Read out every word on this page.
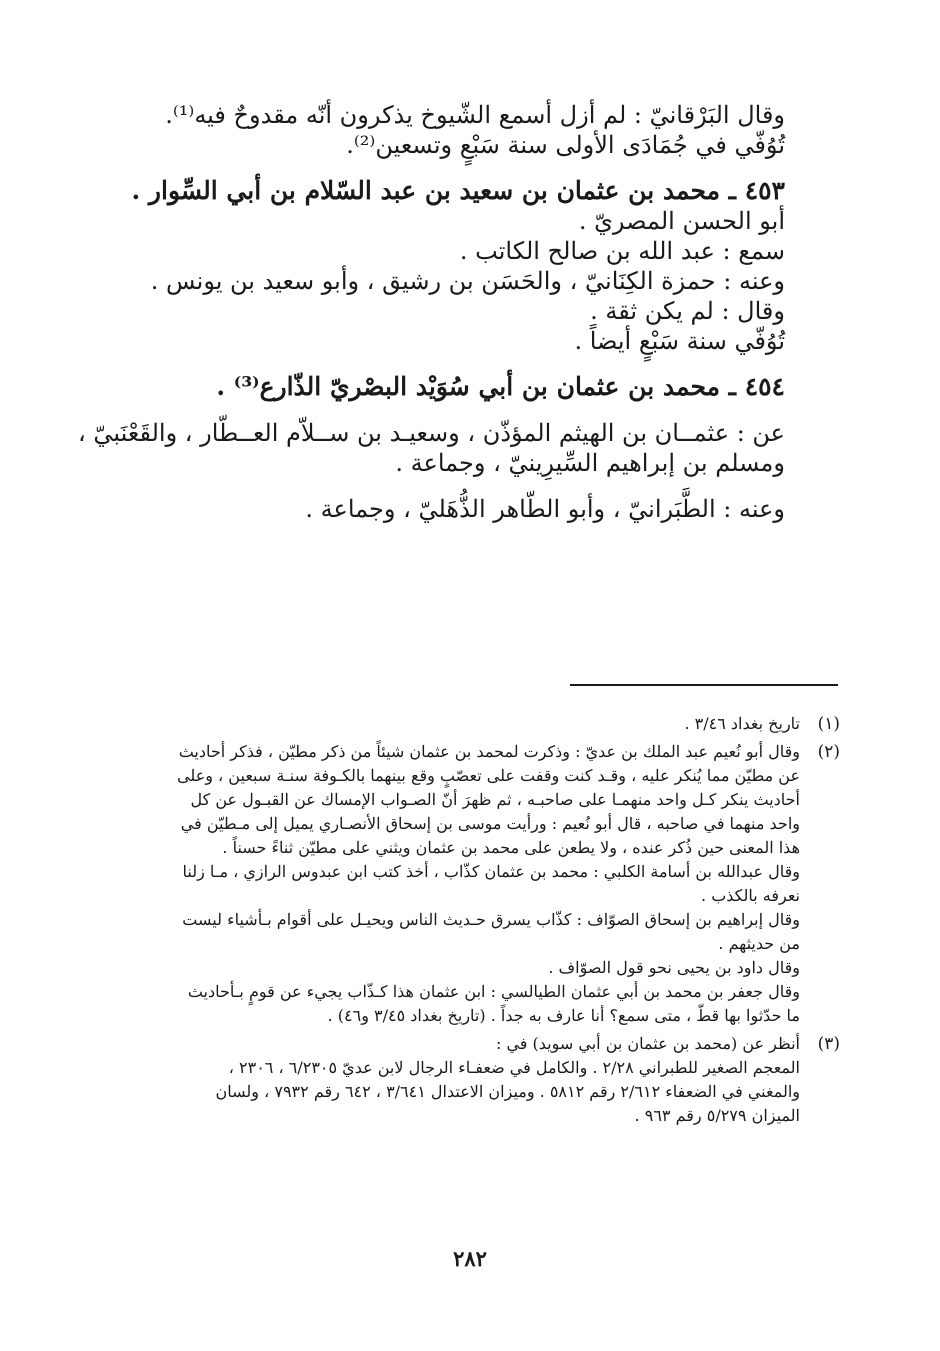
وقال البَرْقانيّ : لم أزل أسمع الشّيوخ يذكرون أنّه مقدوحٌ فيه⁽¹⁾.

تُوُفّي في جُمَادَى الأولى سنة سَبْعٍ وتسعين⁽²⁾.

٤٥٣ ـ محمد بن عثمان بن سعيد بن عبد السّلام بن أبي السِّوار .

أبو الحسن المصريّ .

سمع : عبد الله بن صالح الكاتب .

وعنه : حمزة الكِنَانيّ ، والحَسَن بن رشيق ، وأبو سعيد بن يونس .

وقال : لم يكن ثقة .

تُوُفّي سنة سَبْعٍ أيضاً .

٤٥٤ ـ محمد بن عثمان بن أبي سُوَيْد البصْريّ الذّارع⁽³⁾ .

عن : عثمــان بن الهيثم المؤذّن ، وسعيـد بن ســلاّم العــطّار ، والقَعْنَبيّ ،

ومسلم بن إبراهيم السِّيرِينيّ ، وجماعة .

وعنه : الطَّبَرانيّ ، وأبو الطّاهر الذُّهَليّ ، وجماعة .

(١)

تاريخ بغداد ٣/٤٦ .

(٢)

وقال أبو نُعيم عبد الملك بن عديّ : وذكرت لمحمد بن عثمان شيئاً من ذكر مطيّن ، فذكر أحاديث

عن مطيّن مما يُنكر عليه ، وقـد كنت وقفت على تعصّبٍ وقع بينهما بالكـوفة سنـة سبعين ، وعلى

أحاديث ينكر كـل واحد منهمـا على صاحبـه ، ثم ظهرَ أنّ الصـواب الإمساك عن القبـول عن كل

واحد منهما في صاحبه ، قال أبو نُعيم : ورأيت موسى بن إسحاق الأنصـاري يميل إلى مـطيّن في

هذا المعنى حين ذُكر عنده ، ولا يطعن على محمد بن عثمان ويثني على مطيّن ثناءً حسناً .

وقال عبدالله بن أسامة الكلبي : محمد بن عثمان كذّاب ، أخذ كتب ابن عبدوس الرازي ، مـا زلنا

نعرفه بالكذب .

وقال إبراهيم بن إسحاق الصوّاف : كذّاب يسرق حـديث الناس ويحيـل على أقوام بـأشياء ليست

من حديثهم .

وقال داود بن يحيى نحو قول الصوّاف .

وقال جعفر بن محمد بن أبي عثمان الطيالسي : ابن عثمان هذا كـذّاب يجيء عن قومٍ بـأحاديث

ما حدّثوا بها قطّ ، متى سمع؟ أنا عارف به جداً . (تاريخ بغداد ٣/٤٥ و٤٦) .

(٣)

أنظر عن (محمد بن عثمان بن أبي سويد) في :

المعجم الصغير للطبراني ٢/٢٨ . والكامل في ضعفـاء الرجال لابن عديّ ٦/٢٣٠٥ ، ٢٣٠٦ ،

والمغني في الضعفاء ٢/٦١٢ رقم ٥٨١٢ . وميزان الاعتدال ٣/٦٤١ ، ٦٤٢ رقم ٧٩٣٢ ، ولسان

الميزان ٥/٢٧٩ رقم ٩٦٣ .

٢٨٢
